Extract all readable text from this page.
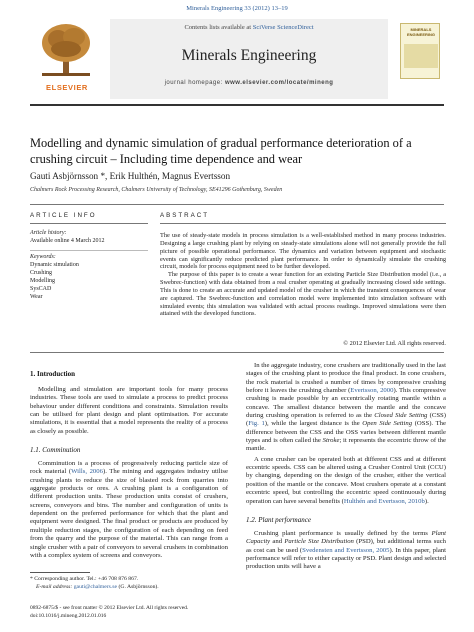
Minerals Engineering 33 (2012) 13–19
ELSEVIER
Contents lists available at SciVerse ScienceDirect
Minerals Engineering
journal homepage: www.elsevier.com/locate/mineng
MINERALS ENGINEERING
Modelling and dynamic simulation of gradual performance deterioration of a crushing circuit – Including time dependence and wear
Gauti Asbjörnsson *, Erik Hulthén, Magnus Evertsson
Chalmers Rock Processing Research, Chalmers University of Technology, SE41296 Gothenburg, Sweden
ARTICLE INFO	ABSTRACT
Article history:
Available online 4 March 2012
Keywords:
Dynamic simulation
Crushing
Modelling
SysCAD
Wear

The use of steady-state models in process simulation is a well-established method in many process industries. Designing a large crushing plant by relying on steady-state simulations alone will not generally provide the full picture of possible operational performance. The dynamics and variation between equipment and stochastic events can significantly reduce predicted plant performance. In order to dynamically simulate the crushing circuit, models for process equipment need to be further developed.

The purpose of this paper is to create a wear function for an existing Particle Size Distribution model (i.e., a Swebrec-function) with data obtained from a real crusher operating at gradually increasing closed side settings. This is done to create an accurate and updated model of the crusher in which the transient consequences of wear are captured. The Swebrec-function and correlation model were implemented into simulation software with simulated events; this simulation was validated with actual process readings. Improved simulations were then attained with the developed functions.

© 2012 Elsevier Ltd. All rights reserved.
1. Introduction
Modelling and simulation are important tools for many process industries. These tools are used to simulate a process to predict process behaviour under different conditions and constraints. Simulation results can be utilised for plant design and plant optimisation. For accurate simulations, it is essential that a model represents the reality of a process as closely as possible.
1.1. Comminution
Comminution is a process of progressively reducing particle size of rock material (Wills, 2006). The mining and aggregates industry utilise crushing plants to reduce the size of blasted rock from quarries into aggregate products or ores. A crushing plant is a configuration of different production units. These production units consist of crushers, screens, conveyors and bins. The number and configuration of units is dependent on the preferred performance for which that the plant and equipment were designed. The final product or products are produced by multiple reduction stages, the configuration of each depending on feed from the quarry and the purpose of the material. This can range from a single crusher with a pair of conveyors to several crushers in combination with a complex system of screens and conveyors.
In the aggregate industry, cone crushers are traditionally used in the last stages of the crushing plant to produce the final product. In cone crushers, the rock material is crushed a number of times by compressive crushing before it leaves the crushing chamber (Evertsson, 2000). This compressive crushing is made possible by an eccentrically rotating mantle within a concave. The smallest distance between the mantle and the concave during crushing operation is referred to as the Closed Side Setting (CSS) (Fig. 1), while the largest distance is the Open Side Setting (OSS). The difference between the CSS and the OSS varies between different mantle types and is often called the Stroke; it represents the eccentric throw of the mantle.
A cone crusher can be operated both at different CSS and at different eccentric speeds. CSS can be altered using a Crusher Control Unit (CCU) by changing, depending on the design of the crusher, either the vertical position of the mantle or the concave. Most crushers operate at a constant eccentric speed, but controlling the eccentric speed continuously during operation can have several benefits (Hulthén and Evertsson, 2010b).
1.2. Plant performance
Crushing plant performance is usually defined by the terms Plant Capacity and Particle Size Distribution (PSD), but additional terms such as cost can be used (Svedensten and Evertsson, 2005). In this paper, plant performance will refer to either capacity or PSD. Plant design and selected production units will have a
* Corresponding author. Tel.: +46 708 876 867.
E-mail address: gauti@chalmers.se (G. Asbjörnsson).
0892-6875/$ - see front matter © 2012 Elsevier Ltd. All rights reserved.
doi:10.1016/j.mineng.2012.01.016
